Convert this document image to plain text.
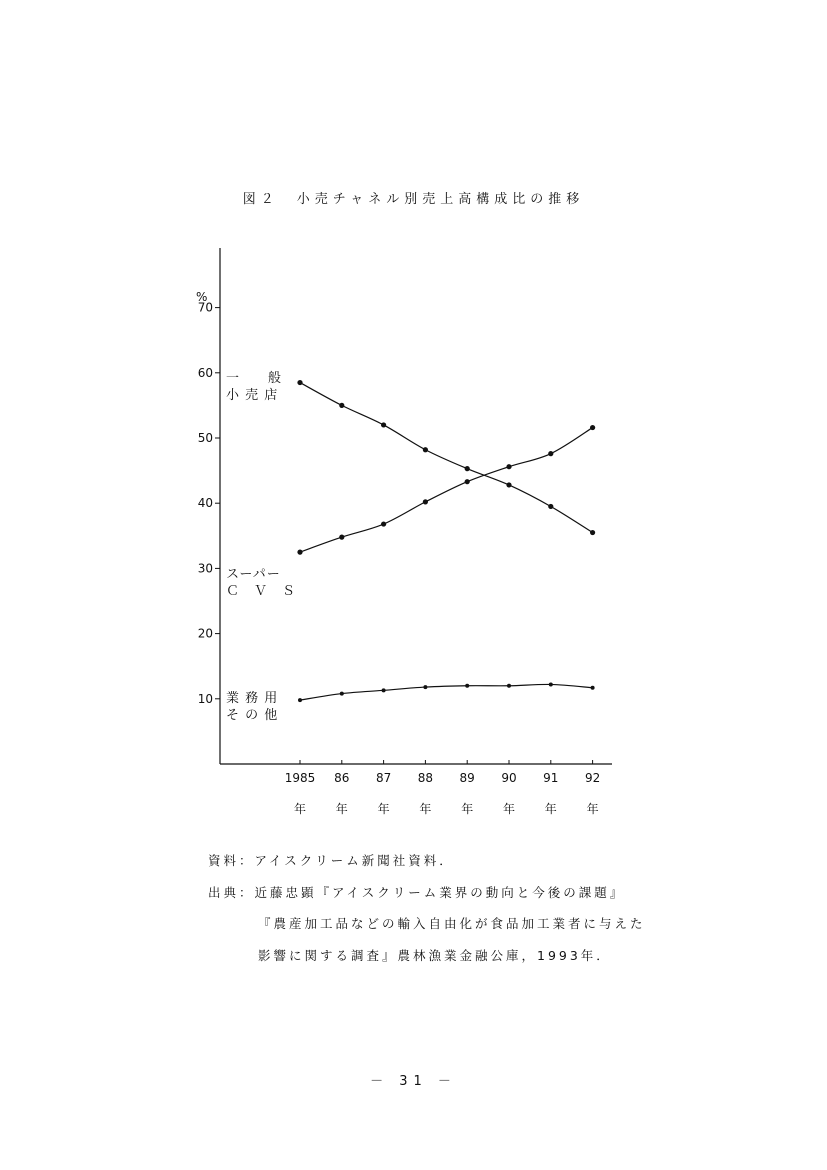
図２　小売チャネル別売上高構成比の推移
%
70
60
50
40
30
20
10
1985
年
86
年
87
年
88
年
89
年
90
年
91
年
92
年
一　　般
小 売 店
スーパー
Ｃ　Ｖ　Ｓ
業 務 用
そ の 他
資料：アイスクリーム新聞社資料．
出典：近藤忠顕『アイスクリーム業界の動向と今後の課題』
『農産加工品などの輸入自由化が食品加工業者に与えた
影響に関する調査』農林漁業金融公庫，1993年．
－ 31 －
